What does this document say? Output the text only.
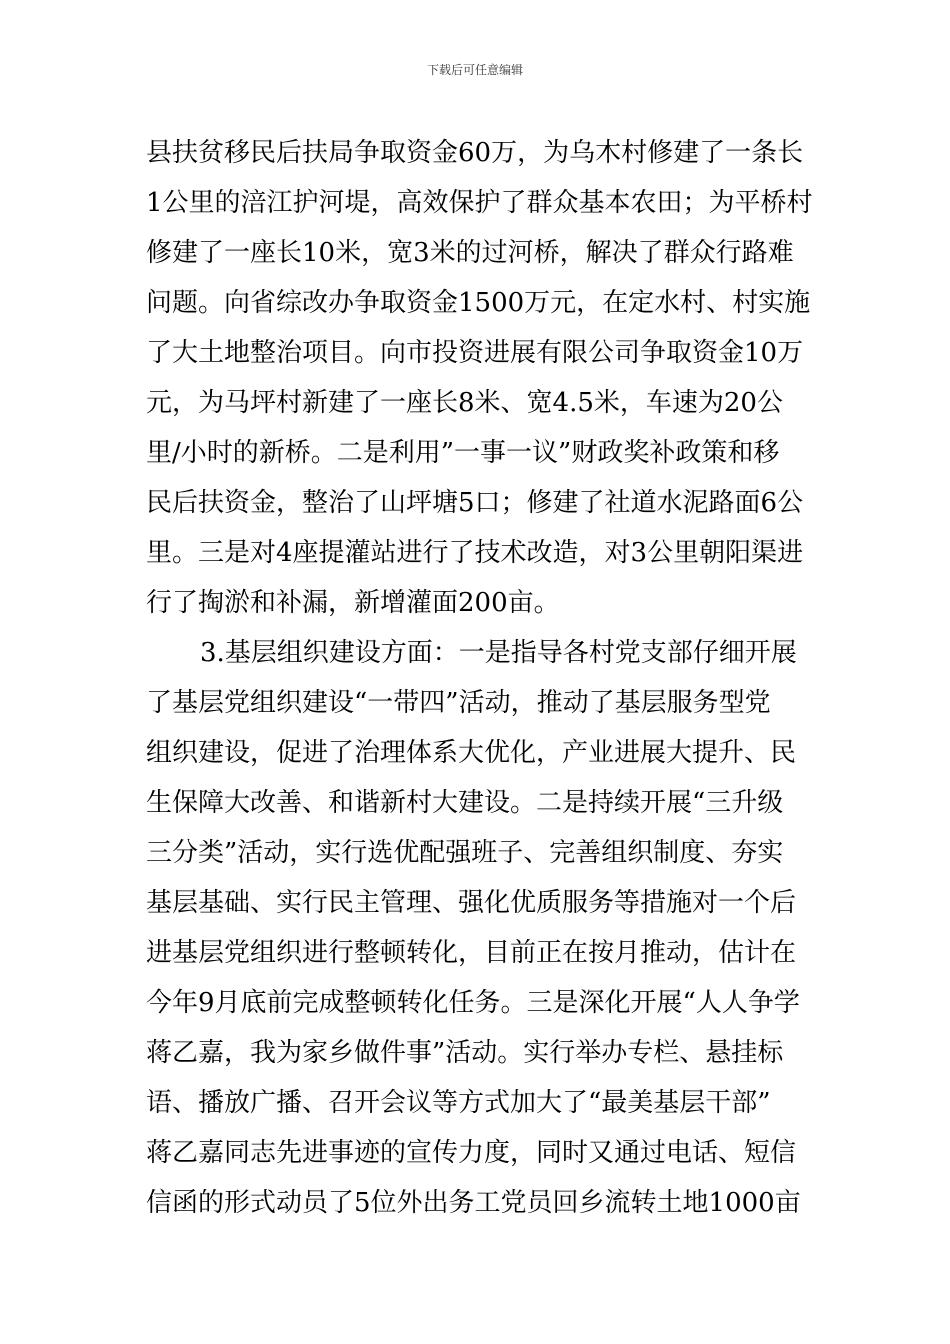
下载后可任意编辑
县扶贫移民后扶局争取资金60万，为乌木村修建了一条长
1公里的涪江护河堤，高效保护了群众基本农田；为平桥村
修建了一座长10米，宽3米的过河桥，解决了群众行路难
问题。向省综改办争取资金1500万元，在定水村、村实施
了大土地整治项目。向市投资进展有限公司争取资金10万
元，为马坪村新建了一座长8米、宽4.5米，车速为20公
里/小时的新桥。二是利用”一事一议”财政奖补政策和移
民后扶资金，整治了山坪塘5口；修建了社道水泥路面6公
里。三是对4座提灌站进行了技术改造，对3公里朝阳渠进
行了掏淤和补漏，新增灌面200亩。
3.基层组织建设方面：一是指导各村党支部仔细开展
了基层党组织建设“一带四”活动，推动了基层服务型党
组织建设，促进了治理体系大优化，产业进展大提升、民
生保障大改善、和谐新村大建设。二是持续开展“三升级
三分类”活动，实行选优配强班子、完善组织制度、夯实
基层基础、实行民主管理、强化优质服务等措施对一个后
进基层党组织进行整顿转化，目前正在按月推动，估计在
今年9月底前完成整顿转化任务。三是深化开展“人人争学
蒋乙嘉，我为家乡做件事”活动。实行举办专栏、悬挂标
语、播放广播、召开会议等方式加大了“最美基层干部”
蒋乙嘉同志先进事迹的宣传力度，同时又通过电话、短信
信函的形式动员了5位外出务工党员回乡流转土地1000亩
